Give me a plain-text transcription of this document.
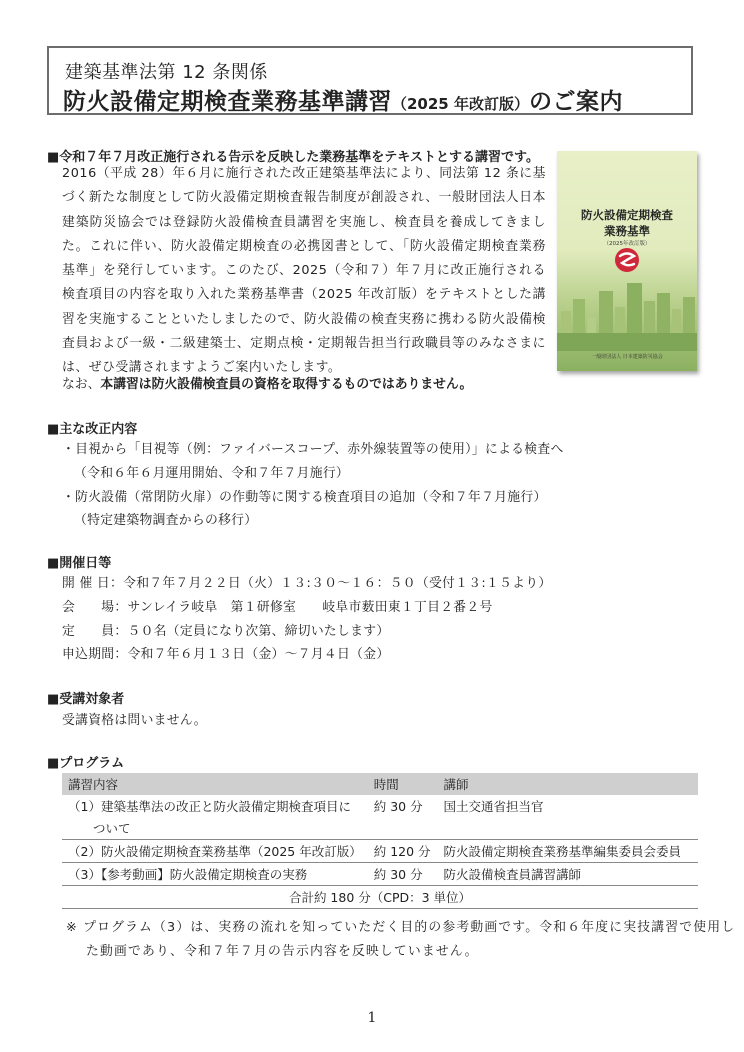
建築基準法第 12 条関係
防火設備定期検査業務基準講習（2025 年改訂版）のご案内
■令和７年７月改正施行される告示を反映した業務基準をテキストとする講習です。
2016（平成 28）年６月に施行された改正建築基準法により、同法第 12 条に基づく新たな制度として防火設備定期検査報告制度が創設され、一般財団法人日本建築防災協会では登録防火設備検査員講習を実施し、検査員を養成してきました。これに伴い、防火設備定期検査の必携図書として、「防火設備定期検査業務基準」を発行しています。このたび、2025（令和７）年７月に改正施行される検査項目の内容を取り入れた業務基準書（2025 年改訂版）をテキストとした講習を実施することといたしましたので、防火設備の検査実務に携わる防火設備検査員および一級・二級建築士、定期点検・定期報告担当行政職員等のみなさまには、ぜひ受講されますようご案内いたします。
なお、本講習は防火設備検査員の資格を取得するものではありません。
防火設備定期検査
業務基準
（2025年改訂版）
一般財団法人 日本建築防災協会
■主な改正内容
・目視から「目視等（例：ファイバースコープ、赤外線装置等の使用）」による検査へ
（令和６年６月運用開始、令和７年７月施行）
・防火設備（常閉防火扉）の作動等に関する検査項目の追加（令和７年７月施行）
（特定建築物調査からの移行）
■開催日等
開 催 日：令和７年７月２２日（火）１３:３０～１６：５０（受付１３:１５より）
会　　場：サンレイラ岐阜　第１研修室　　岐阜市薮田東１丁目２番２号
定　　員：５０名（定員になり次第、締切いたします）
申込期間：令和７年６月１３日（金）～７月４日（金）
■受講対象者
受講資格は問いません。
■プログラム
講習内容	時間	講師
（1）建築基準法の改正と防火設備定期検査項目に	約 30 分	国土交通省担当官
　　ついて		
（2）防火設備定期検査業務基準（2025 年改訂版）	約 120 分	防火設備定期検査業務基準編集委員会委員
（3）【参考動画】防火設備定期検査の実務	約 30 分	防火設備検査員講習講師
合計約 180 分（CPD：3 単位）		
※ プログラム（3）は、実務の流れを知っていただく目的の参考動画です。令和６年度に実技講習で使用し
た動画であり、令和７年７月の告示内容を反映していません。
1
